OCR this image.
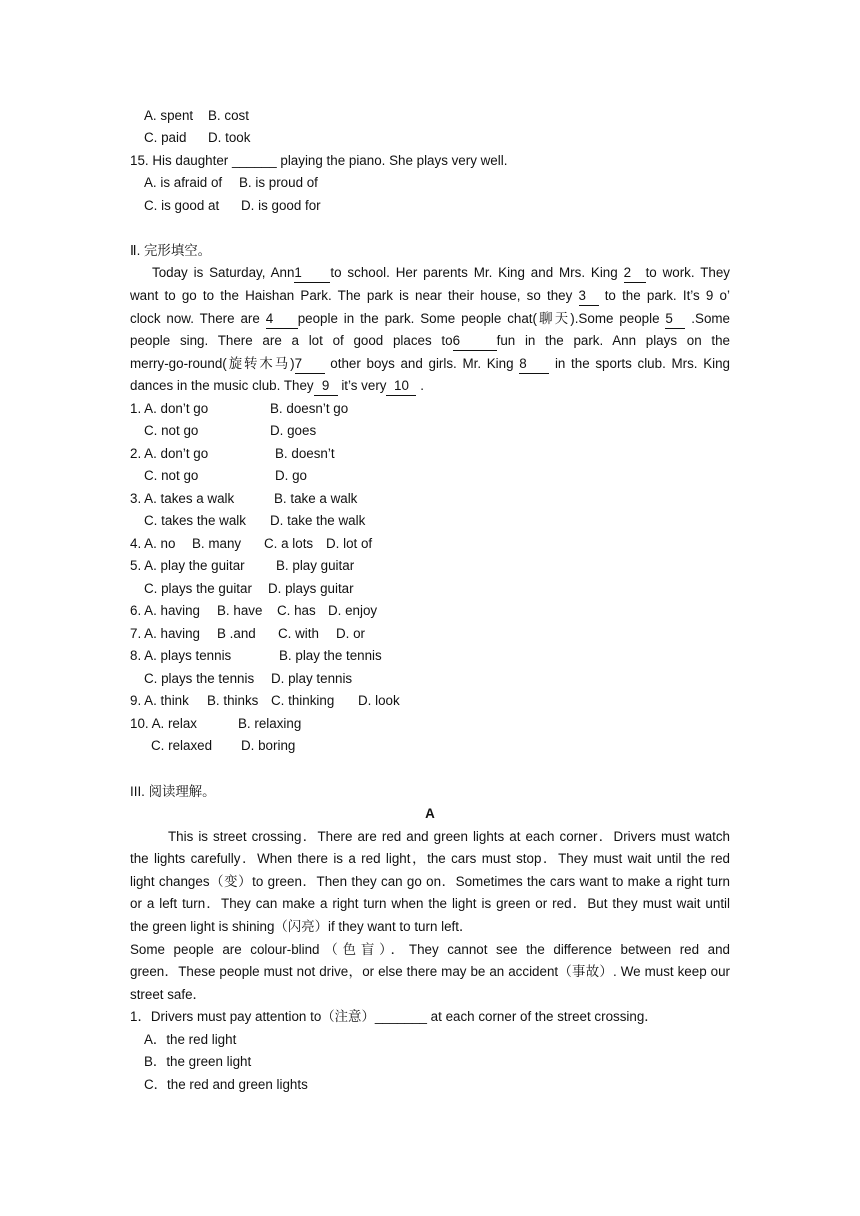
A. spent B. cost
C. paid D. took
15. His daughter ______ playing the piano. She plays very well.
A. is afraid of B. is proud of
C. is good at D. is good for
Ⅱ. 完形填空。
Today is Saturday, Ann1 to school. Her parents Mr. King and Mrs. King 2 to work. They
want to go to the Haishan Park. The park is near their house, so they 3 to the park. It’s 9 o’
clock now. There are 4 people in the park. Some people chat(聊天).Some people 5 .Some
people sing. There are a lot of good places to6	fun in the park. Ann plays on the
merry-go-round(旋转木马)7 other boys and girls. Mr. King 8 in the sports club. Mrs. King
dances in the music club. They 9 it’s very 10 .
1. A. don’t go	B. doesn’t go
C. not go	D. goes
2. A. don’t go	B. doesn’t
C. not go	D. go
3. A. takes a walk	B. take a walk
C. takes the walk D. take the walk
4. A. no B. many C. a lots D. lot of
5. A. play the guitar B. play guitar
C. plays the guitar D. plays guitar
6. A. having B. have C. has D. enjoy
7. A. having B .and C. with D. or
8. A. plays tennis	B. play the tennis
C. plays the tennis D. play tennis
9. A. think B. thinks C. thinking D. look
10. A. relax	B. relaxing
C. relaxed D. boring
III. 阅读理解。
A
This is street crossing．There are red and green lights at each corner．Drivers must watch
the lights carefully．When there is a red light，the cars must stop．They must wait until the red
light changes（变）to green．Then they can go on．Sometimes the cars want to make a right turn
or a left turn．They can make a right turn when the light is green or red．But they must wait until
the green light is shining（闪亮）if they want to turn left．
Some people are colour-blind（色盲）．They cannot see the difference between red and
green．These people must not drive，or else there may be an accident（事故）. We must keep our
street safe．
1．Drivers must pay attention to（注意）_______ at each corner of the street crossing．
A．the red light
B．the green light
C．the red and green lights
